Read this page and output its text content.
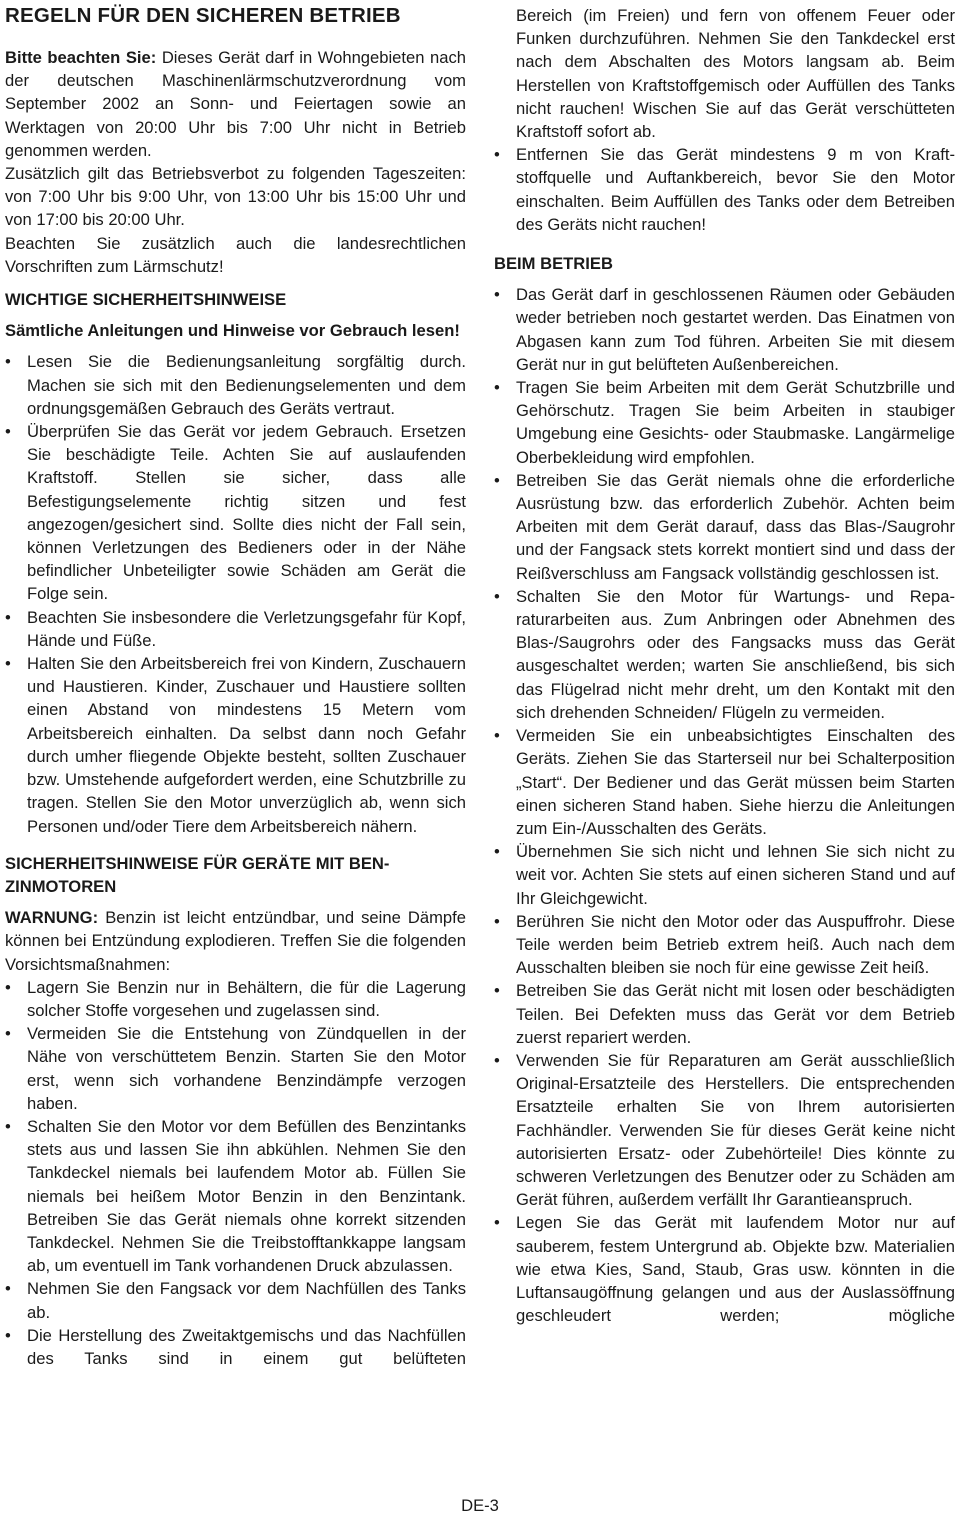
REGELN FÜR DEN SICHEREN BETRIEB

Bitte beachten Sie: Dieses Gerät darf in Wohngebieten nach der deutschen Maschinenlärmschutzverordnung vom September 2002 an Sonn- und Feiertagen sowie an Werktagen von 20:00 Uhr bis 7:00 Uhr nicht in Betrieb genommen werden.

Zusätzlich gilt das Betriebsverbot zu folgenden Tageszeiten: von 7:00 Uhr bis 9:00 Uhr, von 13:00 Uhr bis 15:00 Uhr und von 17:00 bis 20:00 Uhr.

Beachten Sie zusätzlich auch die landesrechtlichen Vorschriften zum Lärmschutz!

WICHTIGE SICHERHEITSHINWEISE

Sämtliche Anleitungen und Hinweise vor Gebrauch lesen!

• Lesen Sie die Bedienungsanleitung sorgfältig durch. Machen sie sich mit den Bedienungselementen und dem ordnungsgemäßen Gebrauch des Geräts vertraut.
• Überprüfen Sie das Gerät vor jedem Gebrauch. Ersetzen Sie beschädigte Teile. Achten Sie auf auslaufenden Kraftstoff. Stellen sie sicher, dass alle Befestigungselemente richtig sitzen und fest angezogen/gesichert sind. Sollte dies nicht der Fall sein, können Verletzungen des Bedieners oder in der Nähe befindlicher Unbeteiligter sowie Schäden am Gerät die Folge sein.
• Beachten Sie insbesondere die Verletzungsgefahr für Kopf, Hände und Füße.
• Halten Sie den Arbeitsbereich frei von Kindern, Zuschauern und Haustieren. Kinder, Zuschauer und Haustiere sollten einen Abstand von mindestens 15 Metern vom Arbeitsbereich einhalten. Da selbst dann noch Gefahr durch umher fliegende Objekte besteht, sollten Zuschauer bzw. Umstehende aufgefordert werden, eine Schutzbrille zu tragen. Stellen Sie den Motor unverzüglich ab, wenn sich Personen und/oder Tiere dem Arbeitsbereich nähern.
SICHERHEITSHINWEISE FÜR GERÄTE MIT BENZINMOTOREN

WARNUNG: Benzin ist leicht entzündbar, und seine Dämpfe können bei Entzündung explodieren. Treffen Sie die folgenden Vorsichtsmaßnahmen:

• Lagern Sie Benzin nur in Behältern, die für die Lagerung solcher Stoffe vorgesehen und zugelassen sind.
• Vermeiden Sie die Entstehung von Zündquellen in der Nähe von verschüttetem Benzin. Starten Sie den Motor erst, wenn sich vorhandene Benzindämpfe verzogen haben.
• Schalten Sie den Motor vor dem Befüllen des Benzintanks stets aus und lassen Sie ihn abkühlen. Nehmen Sie den Tankdeckel niemals bei laufendem Motor ab. Füllen Sie niemals bei heißem Motor Benzin in den Benzintank. Betreiben Sie das Gerät niemals ohne korrekt sitzenden Tankdeckel. Nehmen Sie die Treibstofftankkappe langsam ab, um eventuell im Tank vorhandenen Druck abzulassen.
• Nehmen Sie den Fangsack vor dem Nachfüllen des Tanks ab.
• Die Herstellung des Zweitaktgemischs und das Nachfüllen des Tanks sind in einem gut belüfteten

Bereich (im Freien) und fern von offenem Feuer oder Funken durchzuführen. Nehmen Sie den Tankdeckel erst nach dem Abschalten des Motors langsam ab. Beim Herstellen von Kraftstoffgemisch oder Auffüllen des Tanks nicht rauchen! Wischen Sie auf das Gerät verschütteten Kraftstoff sofort ab.

• Entfernen Sie das Gerät mindestens 9 m von Kraftstoffquelle und Auftankbereich, bevor Sie den Motor einschalten. Beim Auffüllen des Tanks oder dem Betreiben des Geräts nicht rauchen!
BEIM BETRIEB
• Das Gerät darf in geschlossenen Räumen oder Gebäuden weder betrieben noch gestartet werden. Das Einatmen von Abgasen kann zum Tod führen. Arbeiten Sie mit diesem Gerät nur in gut belüfteten Außenbereichen.
• Tragen Sie beim Arbeiten mit dem Gerät Schutzbrille und Gehörschutz. Tragen Sie beim Arbeiten in staubiger Umgebung eine Gesichts- oder Staubmaske. Langärmelige Oberbekleidung wird empfohlen.
• Betreiben Sie das Gerät niemals ohne die erforderliche Ausrüstung bzw. das erforderlich Zubehör. Achten beim Arbeiten mit dem Gerät darauf, dass das Blas-/Saugrohr und der Fangsack stets korrekt montiert sind und dass der Reißverschluss am Fangsack vollständig geschlossen ist.
• Schalten Sie den Motor für Wartungs- und Reparaturarbeiten aus. Zum Anbringen oder Abnehmen des Blas-/Saugrohrs oder des Fangsacks muss das Gerät ausgeschaltet werden; warten Sie anschließend, bis sich das Flügelrad nicht mehr dreht, um den Kontakt mit den sich drehenden Schneiden/ Flügeln zu vermeiden.
• Vermeiden Sie ein unbeabsichtigtes Einschalten des Geräts. Ziehen Sie das Starterseil nur bei Schalterposition „Start“. Der Bediener und das Gerät müssen beim Starten einen sicheren Stand haben. Siehe hierzu die Anleitungen zum Ein-/Ausschalten des Geräts.
• Übernehmen Sie sich nicht und lehnen Sie sich nicht zu weit vor. Achten Sie stets auf einen sicheren Stand und auf Ihr Gleichgewicht.
• Berühren Sie nicht den Motor oder das Auspuffrohr. Diese Teile werden beim Betrieb extrem heiß. Auch nach dem Ausschalten bleiben sie noch für eine gewisse Zeit heiß.
• Betreiben Sie das Gerät nicht mit losen oder beschädigten Teilen. Bei Defekten muss das Gerät vor dem Betrieb zuerst repariert werden.
• Verwenden Sie für Reparaturen am Gerät ausschließlich Original-Ersatzteile des Herstellers. Die entsprechenden Ersatzteile erhalten Sie von Ihrem autorisierten Fachhändler. Verwenden Sie für dieses Gerät keine nicht autorisierten Ersatz- oder Zubehörteile! Dies könnte zu schweren Verletzungen des Benutzer oder zu Schäden am Gerät führen, außerdem verfällt Ihr Garantieanspruch.
• Legen Sie das Gerät mit laufendem Motor nur auf sauberem, festem Untergrund ab. Objekte bzw. Materialien wie etwa Kies, Sand, Staub, Gras usw. könnten in die Luftansaugöffnung gelangen und aus der Auslassöffnung geschleudert werden; mögliche
DE-3
